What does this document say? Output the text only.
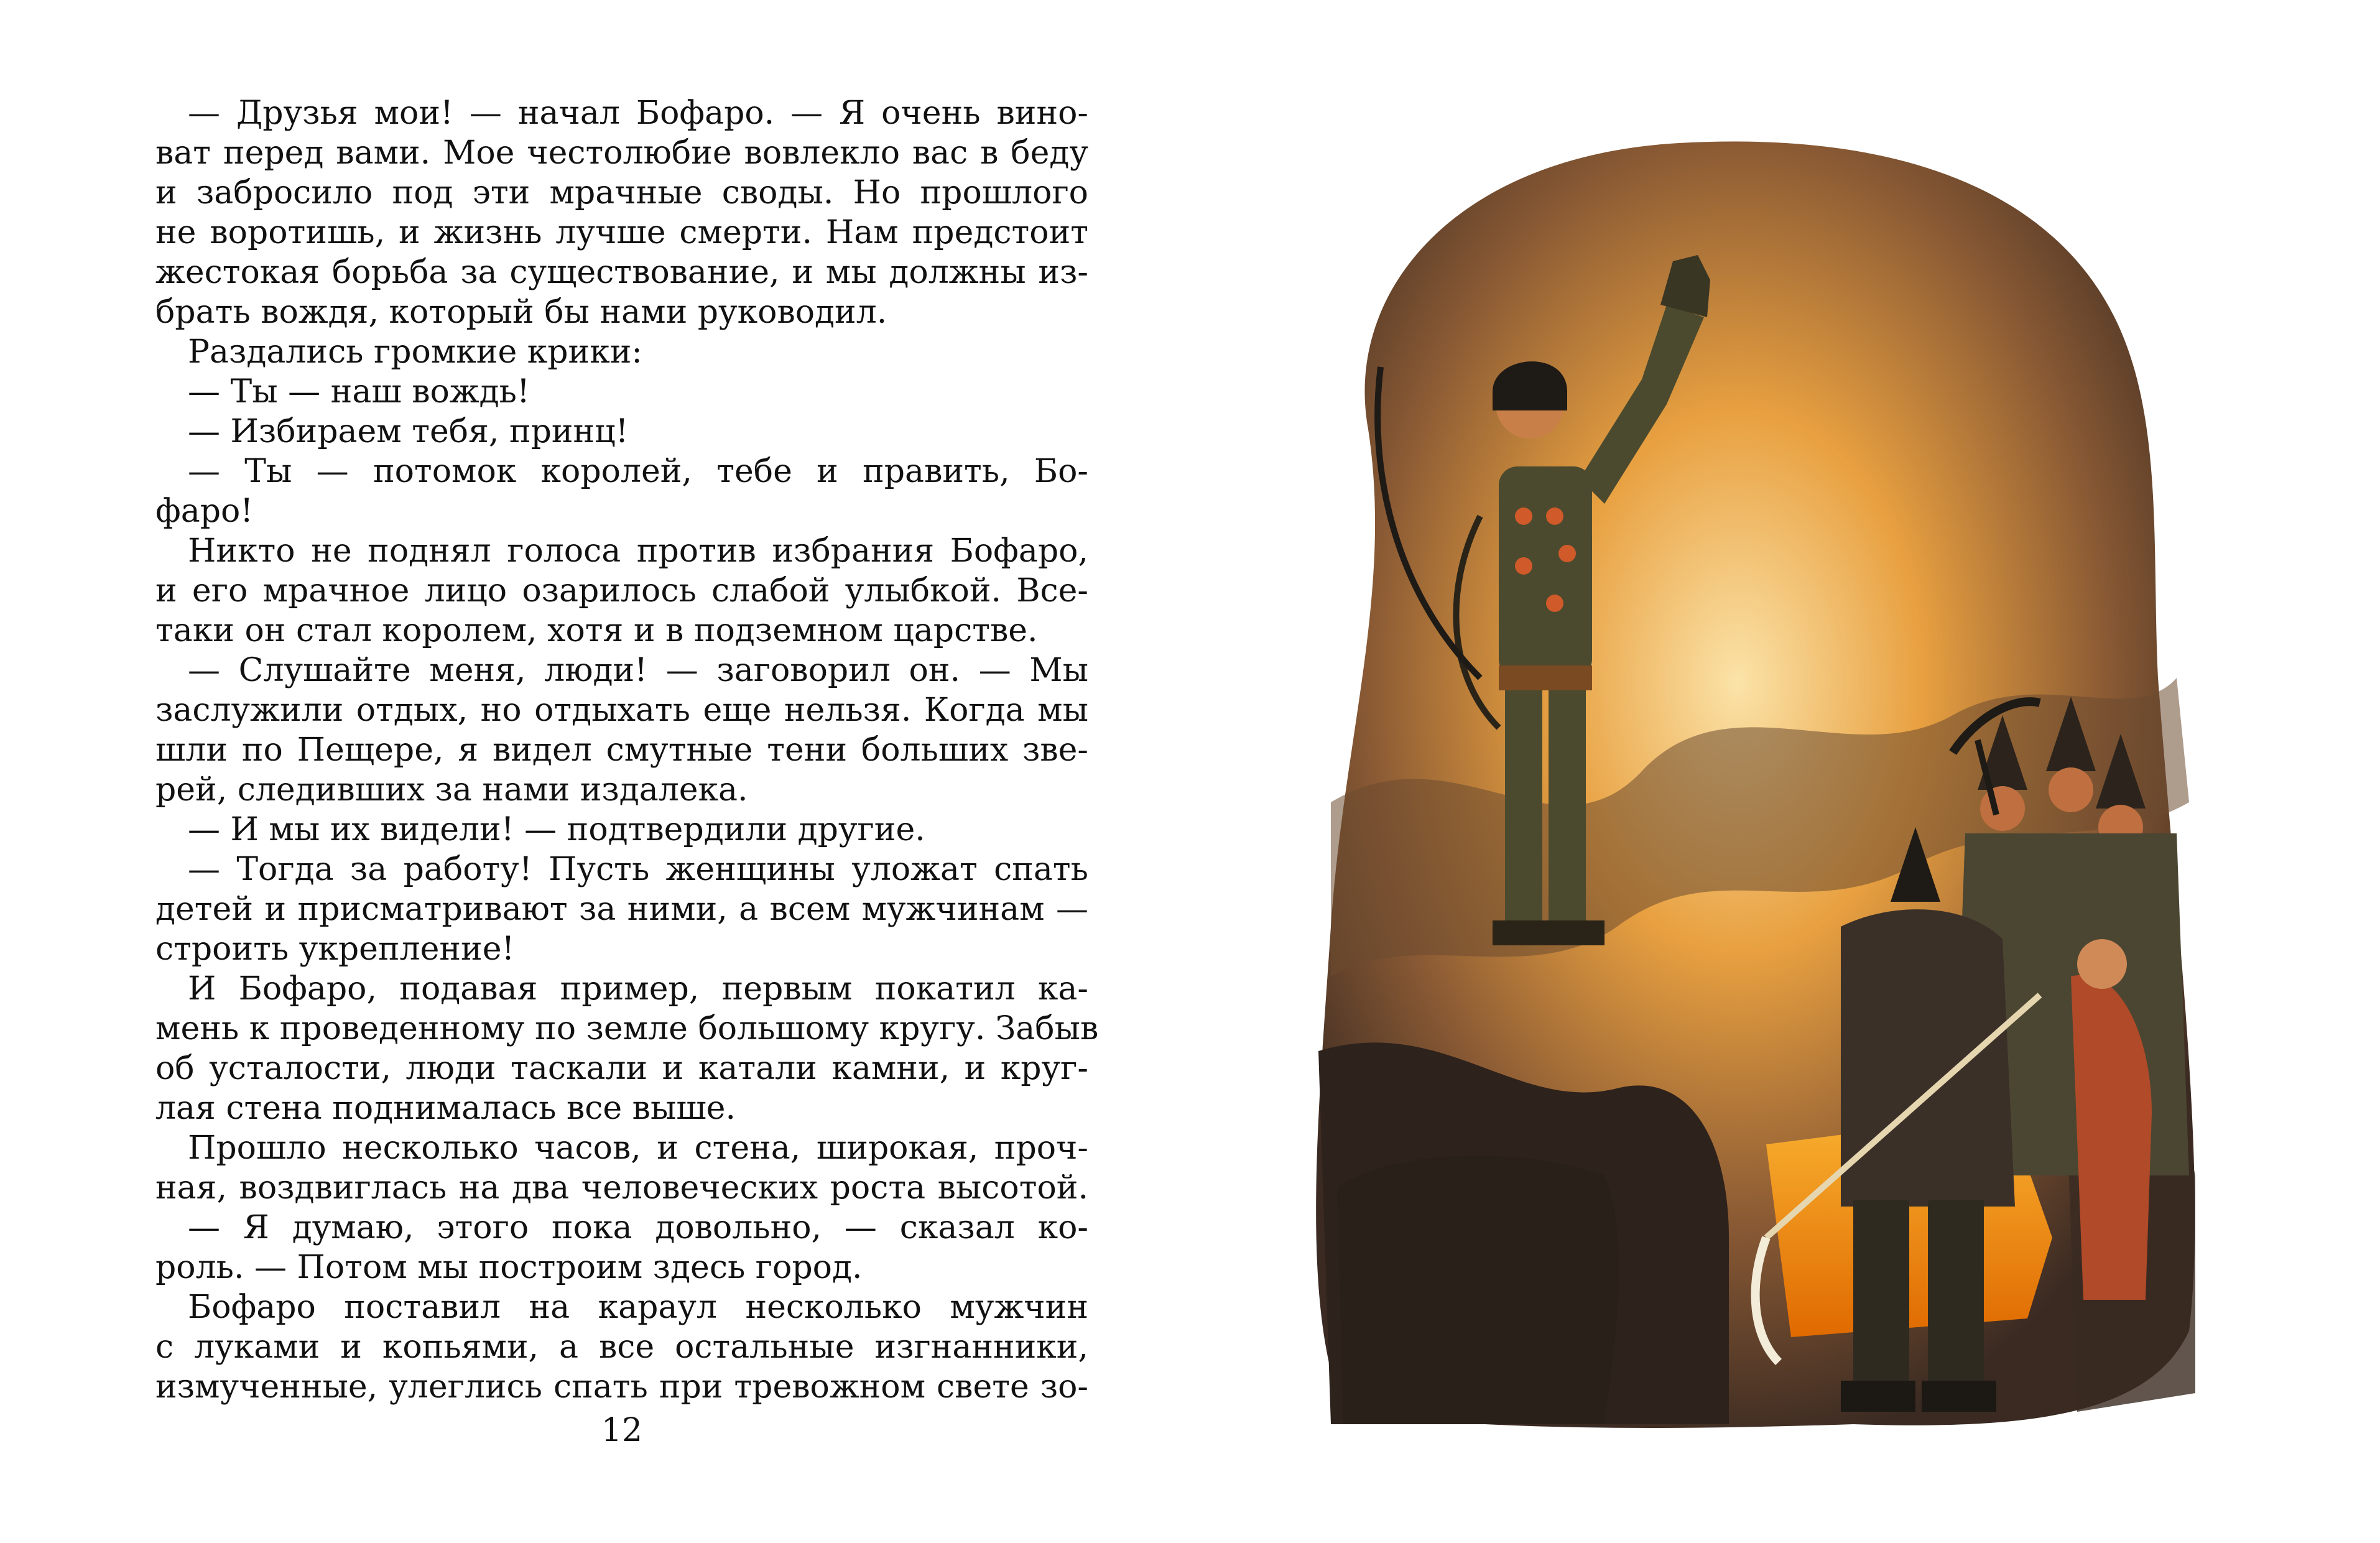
— Друзья мои! — начал Бофаро. — Я очень вино-
ват перед вами. Мое честолюбие вовлекло вас в беду
и забросило под эти мрачные своды. Но прошлого
не воротишь, и жизнь лучше смерти. Нам предстоит
жестокая борьба за существование, и мы должны из-
брать вождя, который бы нами руководил.
Раздались громкие крики:
— Ты — наш вождь!
— Избираем тебя, принц!
— Ты — потомок королей, тебе и править, Бо-
фаро!
Никто не поднял голоса против избрания Бофаро,
и его мрачное лицо озарилось слабой улыбкой. Все-
таки он стал королем, хотя и в подземном царстве.
— Слушайте меня, люди! — заговорил он. — Мы
заслужили отдых, но отдыхать еще нельзя. Когда мы
шли по Пещере, я видел смутные тени больших зве-
рей, следивших за нами издалека.
— И мы их видели! — подтвердили другие.
— Тогда за работу! Пусть женщины уложат спать
детей и присматривают за ними, а всем мужчинам —
строить укрепление!
И Бофаро, подавая пример, первым покатил ка-
мень к проведенному по земле большому кругу. Забыв
об усталости, люди таскали и катали камни, и круг-
лая стена поднималась все выше.
Прошло несколько часов, и стена, широкая, проч-
ная, воздвиглась на два человеческих роста высотой.
— Я думаю, этого пока довольно, — сказал ко-
роль. — Потом мы построим здесь город.
Бофаро поставил на караул несколько мужчин
с луками и копьями, а все остальные изгнанники,
измученные, улеглись спать при тревожном свете зо-
12
